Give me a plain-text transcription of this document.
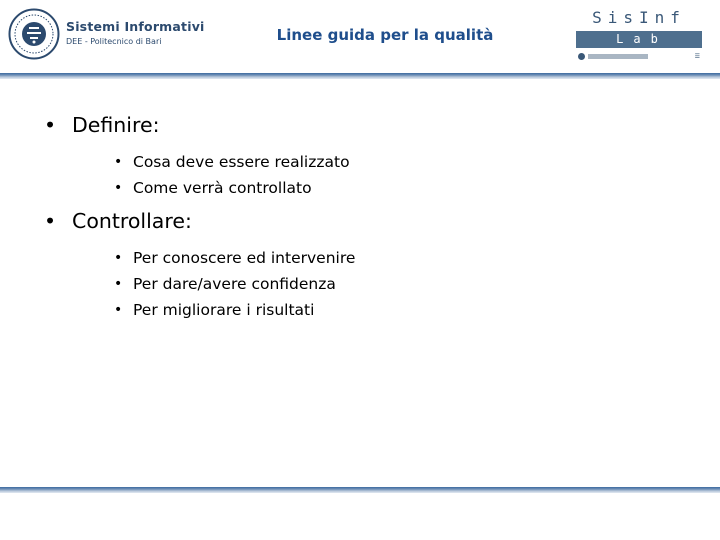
Sistemi Informativi
DEE - Politecnico di Bari	Linee guida per la qualità
SisInf
Lab
☰
• Definire:
• Cosa deve essere realizzato
• Come verrà controllato
• Controllare:
• Per conoscere ed intervenire
• Per dare/avere confidenza
• Per migliorare i risultati
